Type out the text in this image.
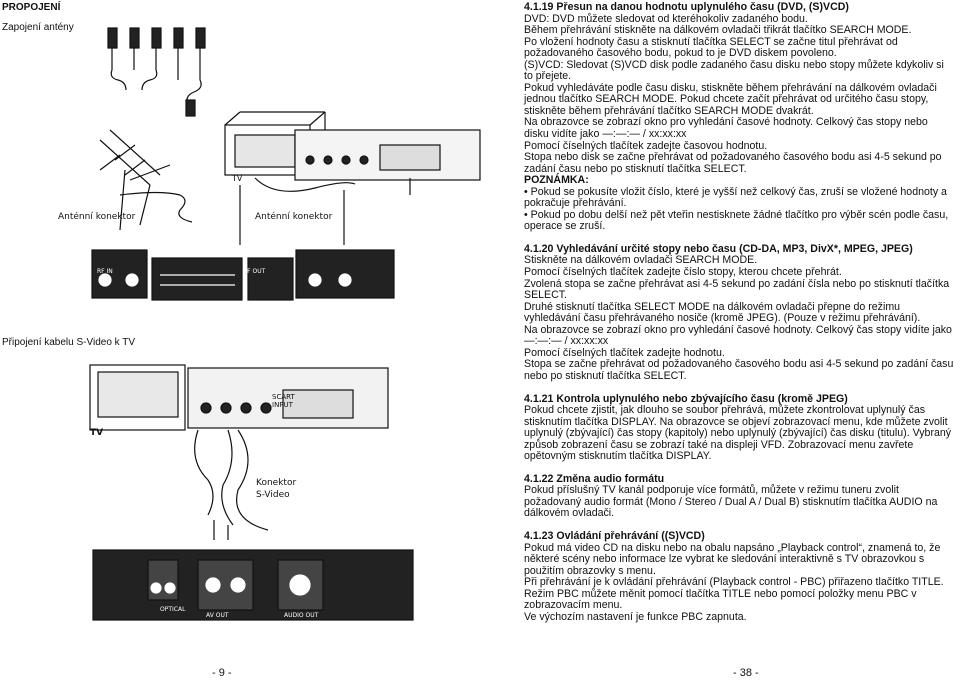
PROPOJENÍ
Zapojení antény
Připojení kabelu S-Video k TV
Anténní konektor	Anténní konektor
TV
RF IN	RF OUT
TV
Konektor
S-Video
SCART
INPUT
OPTICAL
AV OUT	AUDIO OUT
- 9 -

4.1.19 Přesun na danou hodnotu uplynulého času (DVD, (S)VCD)

DVD: DVD můžete sledovat od kteréhokoliv zadaného bodu.

Během přehrávání stiskněte na dálkovém ovladači třikrát tlačítko SEARCH MODE.

Po vložení hodnoty času a stisknutí tlačítka SELECT se začne titul přehrávat od požadovaného časového bodu, pokud to je DVD diskem povoleno.

(S)VCD: Sledovat (S)VCD disk podle zadaného času disku nebo stopy můžete kdykoliv si to přejete.

Pokud vyhledáváte podle času disku, stiskněte během přehrávání na dálkovém ovladači jednou tlačítko SEARCH MODE. Pokud chcete začít přehrávat od určitého času stopy, stiskněte během přehrávání tlačítko SEARCH MODE dvakrát.

Na obrazovce se zobrazí okno pro vyhledání časové hodnoty. Celkový čas stopy nebo disku vidíte jako —:—:— / xx:xx:xx

Pomocí číselných tlačítek zadejte časovou hodnotu.

Stopa nebo disk se začne přehrávat od požadovaného časového bodu asi 4-5 sekund po zadání času nebo po stisknutí tlačítka SELECT.

POZNÁMKA:

• Pokud se pokusíte vložit číslo, které je vyšší než celkový čas, zruší se vložené hodnoty a pokračuje přehrávání.

• Pokud po dobu delší než pět vteřin nestisknete žádné tlačítko pro výběr scén podle času, operace se zruší.

4.1.20 Vyhledávání určité stopy nebo času (CD-DA, MP3, DivX*, MPEG, JPEG)

Stiskněte na dálkovém ovladači SEARCH MODE.

Pomocí číselných tlačítek zadejte číslo stopy, kterou chcete přehrát.

Zvolená stopa se začne přehrávat asi 4-5 sekund po zadání čísla nebo po stisknutí tlačítka SELECT.

Druhé stisknutí tlačítka SELECT MODE na dálkovém ovladači přepne do režimu vyhledávání času přehrávaného nosiče (kromě JPEG). (Pouze v režimu přehrávání).

Na obrazovce se zobrazí okno pro vyhledání časové hodnoty. Celkový čas stopy vidíte jako —:—:— / xx:xx:xx

Pomocí číselných tlačítek zadejte hodnotu.

Stopa se začne přehrávat od požadovaného časového bodu asi 4-5 sekund po zadání času nebo po stisknutí tlačítka SELECT.

4.1.21 Kontrola uplynulého nebo zbývajícího času (kromě JPEG)

Pokud chcete zjistit, jak dlouho se soubor přehrává, můžete zkontrolovat uplynulý čas stisknutím tlačítka DISPLAY. Na obrazovce se objeví zobrazovací menu, kde můžete zvolit uplynulý (zbývající) čas stopy (kapitoly) nebo uplynulý (zbývající) čas disku (titulu). Vybraný způsob zobrazení času se zobrazí také na displeji VFD. Zobrazovací menu zavřete opětovným stisknutím tlačítka DISPLAY.

4.1.22 Změna audio formátu

Pokud příslušný TV kanál podporuje více formátů, můžete v režimu tuneru zvolit požadovaný audio formát (Mono / Stereo / Dual A / Dual B) stisknutím tlačítka AUDIO na dálkovém ovladači.

4.1.23 Ovládání přehrávání ((S)VCD)

Pokud má video CD na disku nebo na obalu napsáno „Playback control“, znamená to, že některé scény nebo informace lze vybrat ke sledování interaktivně s TV obrazovkou s použitím obrazovky s menu.

Při přehrávání je k ovládání přehrávání (Playback control - PBC) přiřazeno tlačítko TITLE. Režim PBC můžete měnit pomocí tlačítka TITLE nebo pomocí položky menu PBC v zobrazovacím menu.

Ve výchozím nastavení je funkce PBC zapnuta.

- 38 -
